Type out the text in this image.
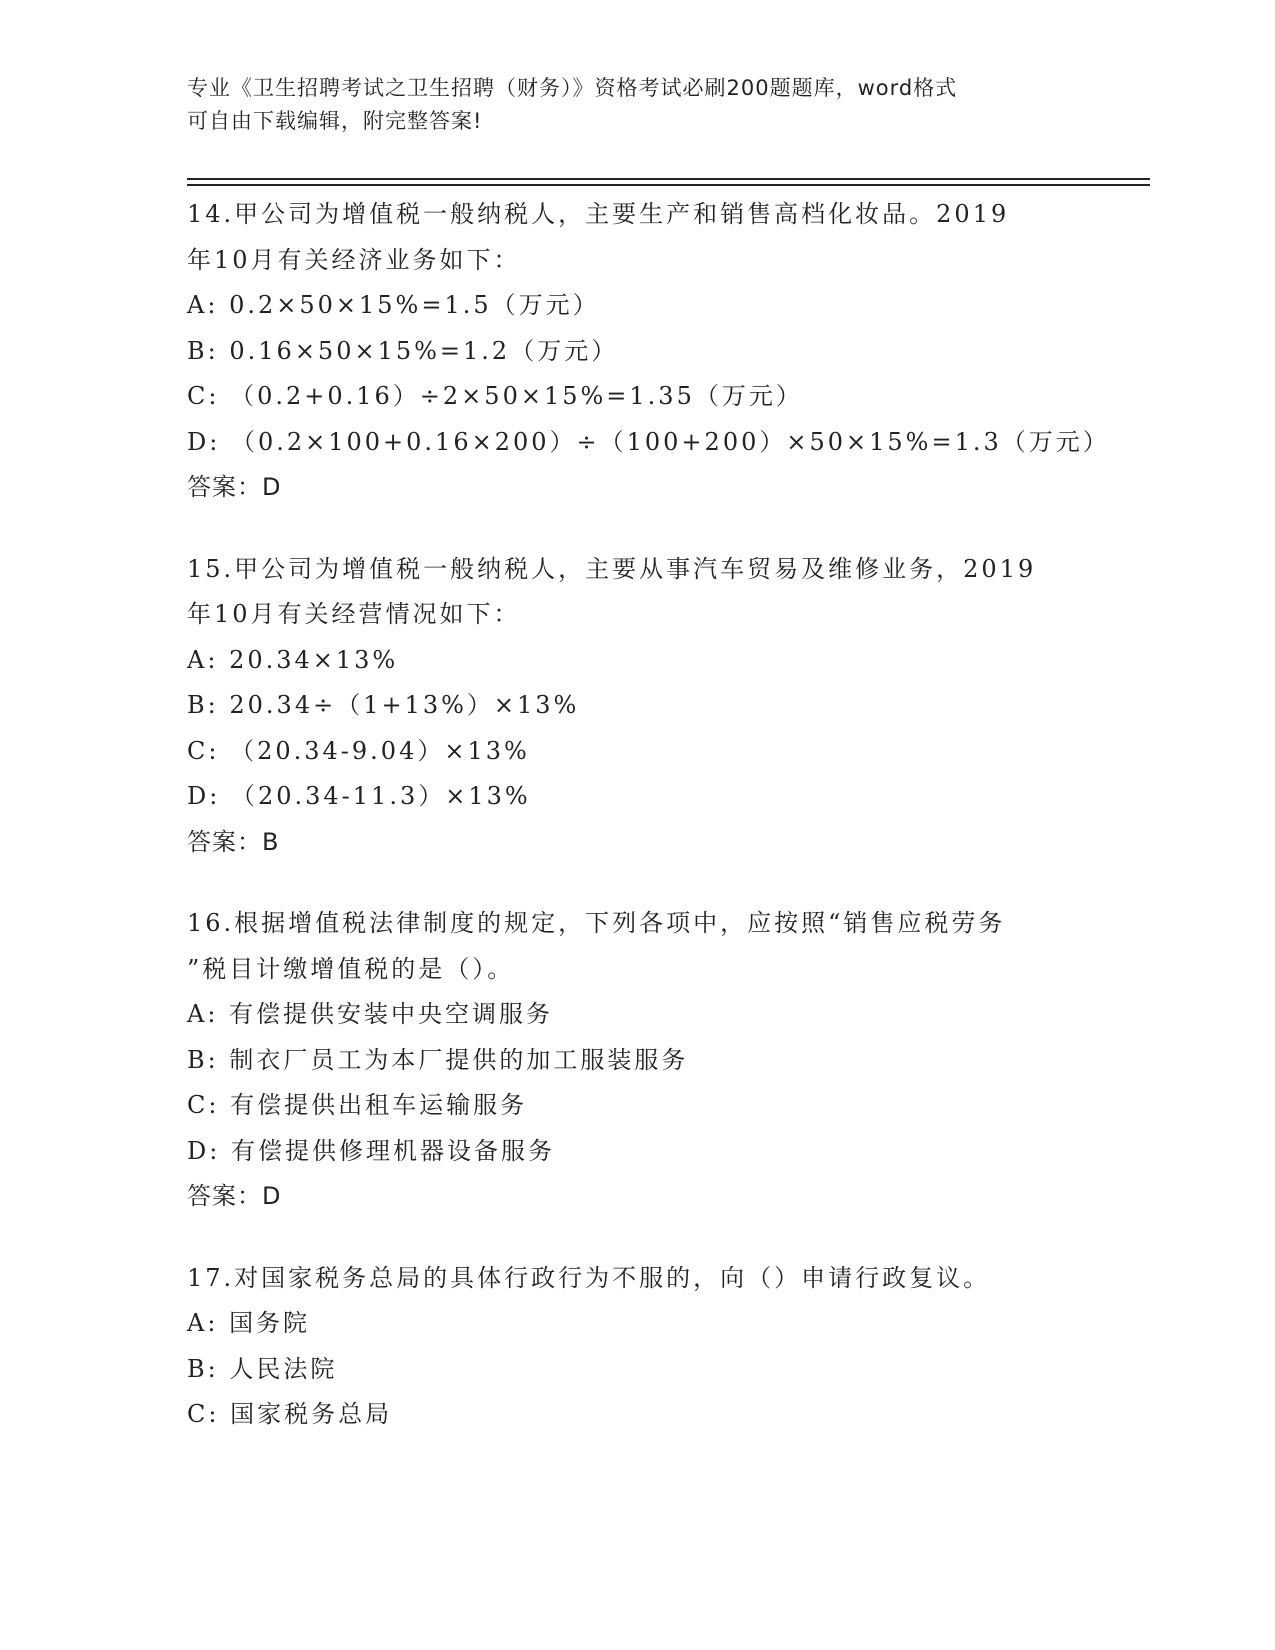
专业《卫生招聘考试之卫生招聘（财务）》资格考试必刷200题题库，word格式
可自由下载编辑，附完整答案!
14.甲公司为增值税一般纳税人，主要生产和销售高档化妆品。2019
年10月有关经济业务如下：
A: 0.2×50×15%=1.5（万元）
B: 0.16×50×15%=1.2（万元）
C: （0.2+0.16）÷2×50×15%=1.35（万元）
D: （0.2×100+0.16×200）÷（100+200）×50×15%=1.3（万元）
答案：D
15.甲公司为增值税一般纳税人，主要从事汽车贸易及维修业务，2019
年10月有关经营情况如下：
A: 20.34×13%
B: 20.34÷（1+13%）×13%
C: （20.34-9.04）×13%
D: （20.34-11.3）×13%
答案：B
16.根据增值税法律制度的规定，下列各项中，应按照“销售应税劳务
”税目计缴增值税的是（）。
A: 有偿提供安装中央空调服务
B: 制衣厂员工为本厂提供的加工服装服务
C: 有偿提供出租车运输服务
D: 有偿提供修理机器设备服务
答案：D
17.对国家税务总局的具体行政行为不服的，向（）申请行政复议。
A: 国务院
B: 人民法院
C: 国家税务总局
